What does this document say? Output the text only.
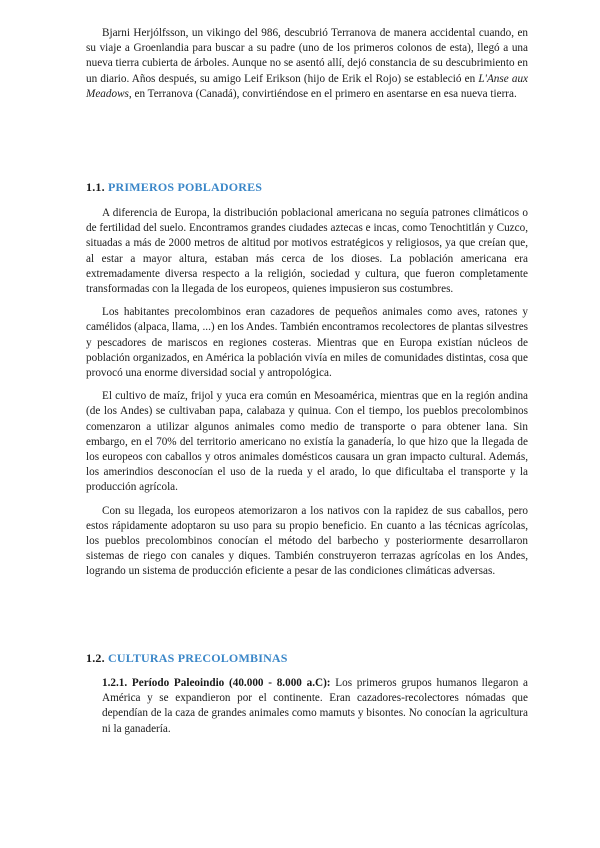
Bjarni Herjólfsson, un vikingo del 986, descubrió Terranova de manera accidental cuando, en su viaje a Groenlandia para buscar a su padre (uno de los primeros colonos de esta), llegó a una nueva tierra cubierta de árboles. Aunque no se asentó allí, dejó constancia de su descubrimiento en un diario. Años después, su amigo Leif Erikson (hijo de Erik el Rojo) se estableció en L'Anse aux Meadows, en Terranova (Canadá), convirtiéndose en el primero en asentarse en esa nueva tierra.

1.1. PRIMEROS POBLADORES

A diferencia de Europa, la distribución poblacional americana no seguía patrones climáticos o de fertilidad del suelo. Encontramos grandes ciudades aztecas e incas, como Tenochtitlán y Cuzco, situadas a más de 2000 metros de altitud por motivos estratégicos y religiosos, ya que creían que, al estar a mayor altura, estaban más cerca de los dioses. La población americana era extremadamente diversa respecto a la religión, sociedad y cultura, que fueron completamente transformadas con la llegada de los europeos, quienes impusieron sus costumbres.

Los habitantes precolombinos eran cazadores de pequeños animales como aves, ratones y camélidos (alpaca, llama, ...) en los Andes. También encontramos recolectores de plantas silvestres y pescadores de mariscos en regiones costeras. Mientras que en Europa existían núcleos de población organizados, en América la población vivía en miles de comunidades distintas, cosa que provocó una enorme diversidad social y antropológica.

El cultivo de maíz, frijol y yuca era común en Mesoamérica, mientras que en la región andina (de los Andes) se cultivaban papa, calabaza y quinua. Con el tiempo, los pueblos precolombinos comenzaron a utilizar algunos animales como medio de transporte o para obtener lana. Sin embargo, en el 70% del territorio americano no existía la ganadería, lo que hizo que la llegada de los europeos con caballos y otros animales domésticos causara un gran impacto cultural. Además, los amerindios desconocían el uso de la rueda y el arado, lo que dificultaba el transporte y la producción agrícola.

Con su llegada, los europeos atemorizaron a los nativos con la rapidez de sus caballos, pero estos rápidamente adoptaron su uso para su propio beneficio. En cuanto a las técnicas agrícolas, los pueblos precolombinos conocían el método del barbecho y posteriormente desarrollaron sistemas de riego con canales y diques. También construyeron terrazas agrícolas en los Andes, logrando un sistema de producción eficiente a pesar de las condiciones climáticas adversas.

1.2. CULTURAS PRECOLOMBINAS

1.2.1. Período Paleoindio (40.000 - 8.000 a.C): Los primeros grupos humanos llegaron a América y se expandieron por el continente. Eran cazadores-recolectores nómadas que dependían de la caza de grandes animales como mamuts y bisontes. No conocían la agricultura ni la ganadería.
